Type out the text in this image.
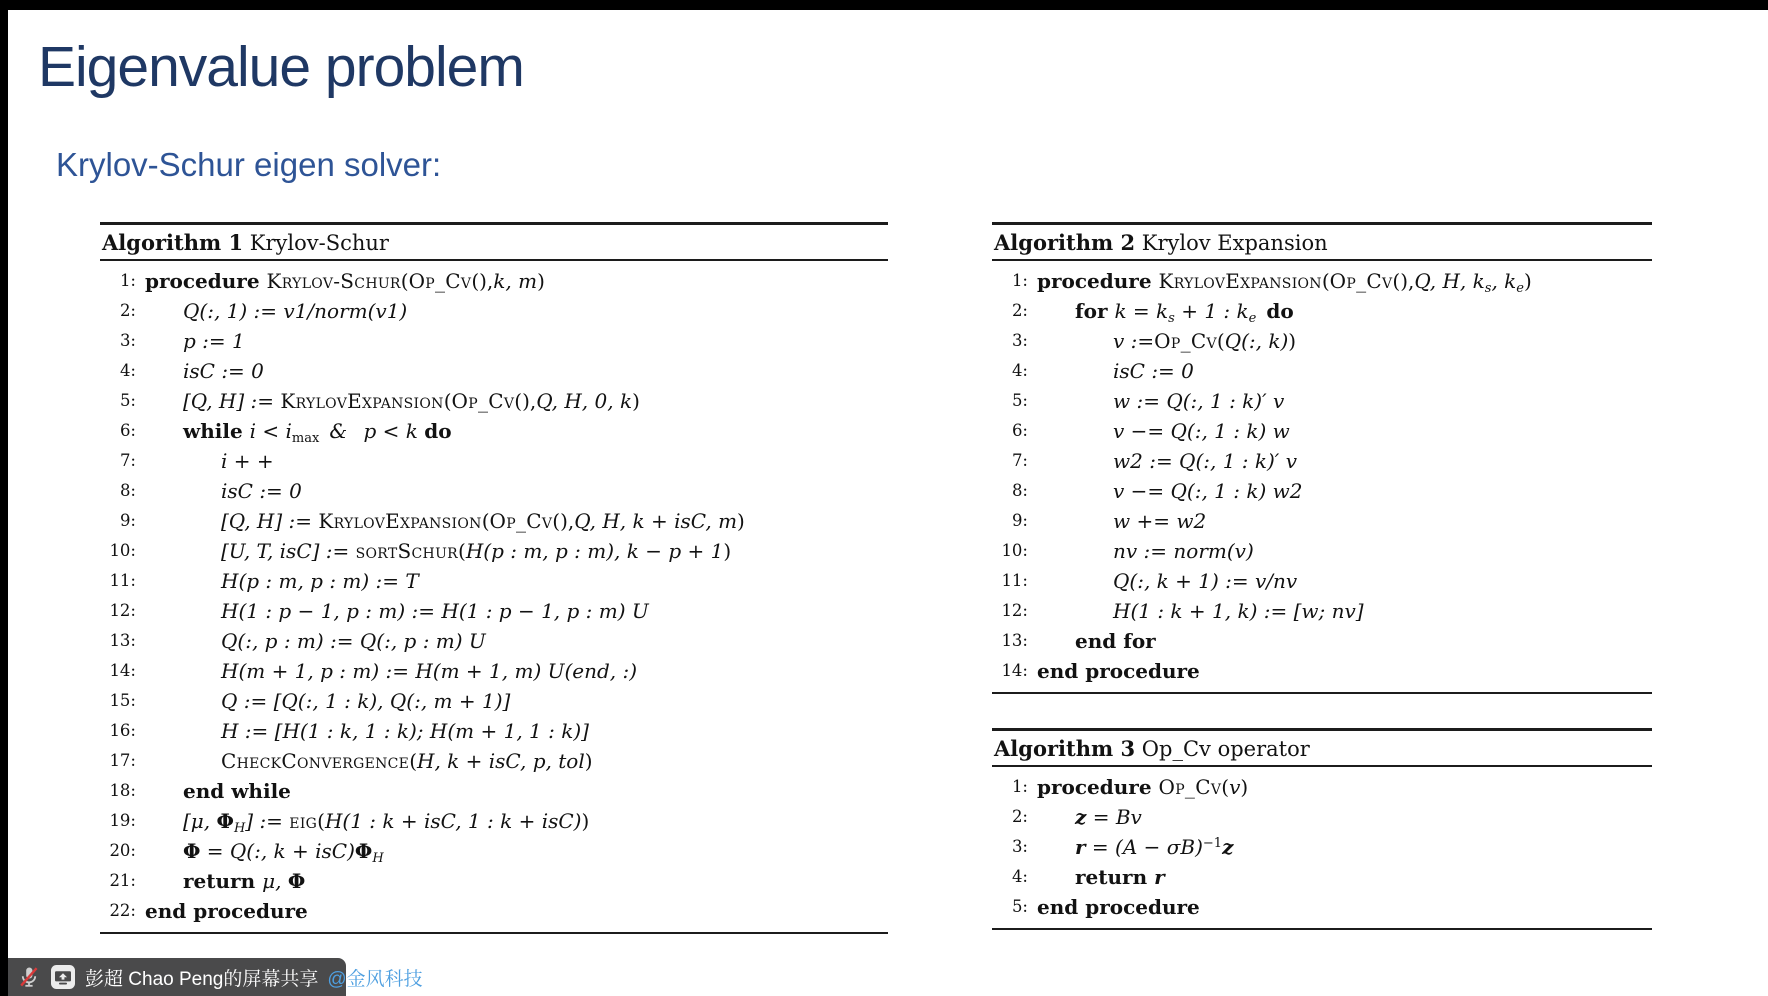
Eigenvalue problem
Krylov-Schur eigen solver:
Algorithm 1 Krylov-Schur
1: procedure Krylov-Schur(Op_Cv(),k, m)
2:	Q(:, 1) := v1/norm(v1)
3:	p := 1
4:	isC := 0
5:	[Q, H] := KrylovExpansion(Op_Cv(),Q, H, 0, k)
6:	while $i < i_{max}$ &  p < k do
7:	i + +
8:	isC := 0
9:	[Q, H] := KrylovExpansion(Op_Cv(),Q, H, k + isC, m)
10:	[U, T, isC] := sortSchur(H(p : m, p : m), k − p + 1)
11:	H(p : m, p : m) := T
12:	H(1 : p − 1, p : m) := H(1 : p − 1, p : m) U
13:	Q(:, p : m) := Q(:, p : m) U
14:	H(m + 1, p : m) := H(m + 1, m) U(end, :)
15:	Q := [Q(:, 1 : k), Q(:, m + 1)]
16:	H := [H(1 : k, 1 : k); H(m + 1, 1 : k)]
17:	CheckConvergence(H, k + isC, p, tol)
18:	end while
19:	[μ, $\Phi_H$] := eig(H(1 : k + isC, 1 : k + isC))
20:	Φ = Q(:, $k + isC)\Phi_H$
21:	return μ, Φ
22: end procedure
Algorithm 2 Krylov Expansion
1: procedure KrylovExpansion(Op_Cv(),Q, H, $k_s$, $k_e$)
2:	for $k = k_s + 1$ : $k_e$  do
3:	v :=Op_Cv(Q(:, k))
4:	isC := 0
5:	w := Q(:, 1 : k)′ v
6:	v −= Q(:, 1 : k) w
7:	w2 := Q(:, 1 : k)′ v
8:	v −= Q(:, 1 : k) w2
9:	w += w2
10:	nv := norm(v)
11:	Q(:, k + 1) := v/nv
12:	H(1 : k + 1, k) := [w; nv]
13:	end for
14: end procedure
Algorithm 3 Op_Cv operator
1: procedure Op_Cv(v)
2:	z = Bv
3:	$r = (A - \sigma B)^{-1}z$
4:	return r
5: end procedure
彭超 Chao Peng的屏幕共享 @金风科技
